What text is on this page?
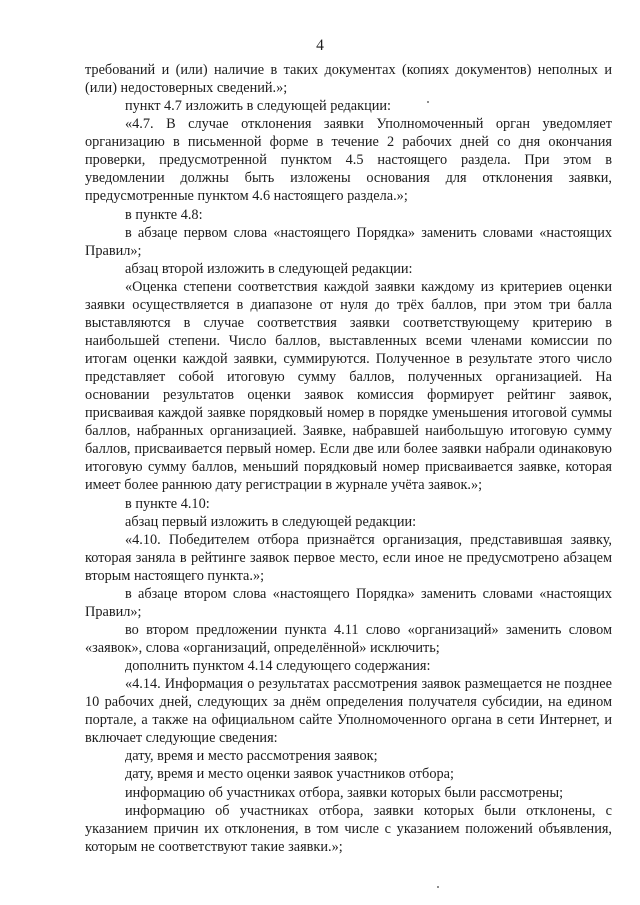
4

требований и (или) наличие в таких документах (копиях документов) неполных и (или) недостоверных сведений.»;

пункт 4.7 изложить в следующей редакции:

«4.7. В случае отклонения заявки Уполномоченный орган уведомляет организацию в письменной форме в течение 2 рабочих дней со дня окончания проверки, предусмотренной пунктом 4.5 настоящего раздела. При этом в уведомлении должны быть изложены основания для отклонения заявки, предусмотренные пунктом 4.6 настоящего раздела.»;

в пункте 4.8:

в абзаце первом слова «настоящего Порядка» заменить словами «настоящих Правил»;

абзац второй изложить в следующей редакции:

«Оценка степени соответствия каждой заявки каждому из критериев оценки заявки осуществляется в диапазоне от нуля до трёх баллов, при этом три балла выставляются в случае соответствия заявки соответствующему критерию в наибольшей степени. Число баллов, выставленных всеми членами комиссии по итогам оценки каждой заявки, суммируются. Полученное в результате этого число представляет собой итоговую сумму баллов, полученных организацией. На основании результатов оценки заявок комиссия формирует рейтинг заявок, присваивая каждой заявке порядковый номер в порядке уменьшения итоговой суммы баллов, набранных организацией. Заявке, набравшей наибольшую итоговую сумму баллов, присваивается первый номер. Если две или более заявки набрали одинаковую итоговую сумму баллов, меньший порядковый номер присваивается заявке, которая имеет более раннюю дату регистрации в журнале учёта заявок.»;

в пункте 4.10:

абзац первый изложить в следующей редакции:

«4.10. Победителем отбора признаётся организация, представившая заявку, которая заняла в рейтинге заявок первое место, если иное не предусмотрено абзацем вторым настоящего пункта.»;

в абзаце втором слова «настоящего Порядка» заменить словами «настоящих Правил»;

во втором предложении пункта 4.11 слово «организаций» заменить словом «заявок», слова «организаций, определённой» исключить;

дополнить пунктом 4.14 следующего содержания:

«4.14. Информация о результатах рассмотрения заявок размещается не позднее 10 рабочих дней, следующих за днём определения получателя субсидии, на едином портале, а также на официальном сайте Уполномоченного органа в сети Интернет, и включает следующие сведения:

дату, время и место рассмотрения заявок;

дату, время и место оценки заявок участников отбора;

информацию об участниках отбора, заявки которых были рассмотрены;

информацию об участниках отбора, заявки которых были отклонены, с указанием причин их отклонения, в том числе с указанием положений объявления, которым не соответствуют такие заявки.»;
